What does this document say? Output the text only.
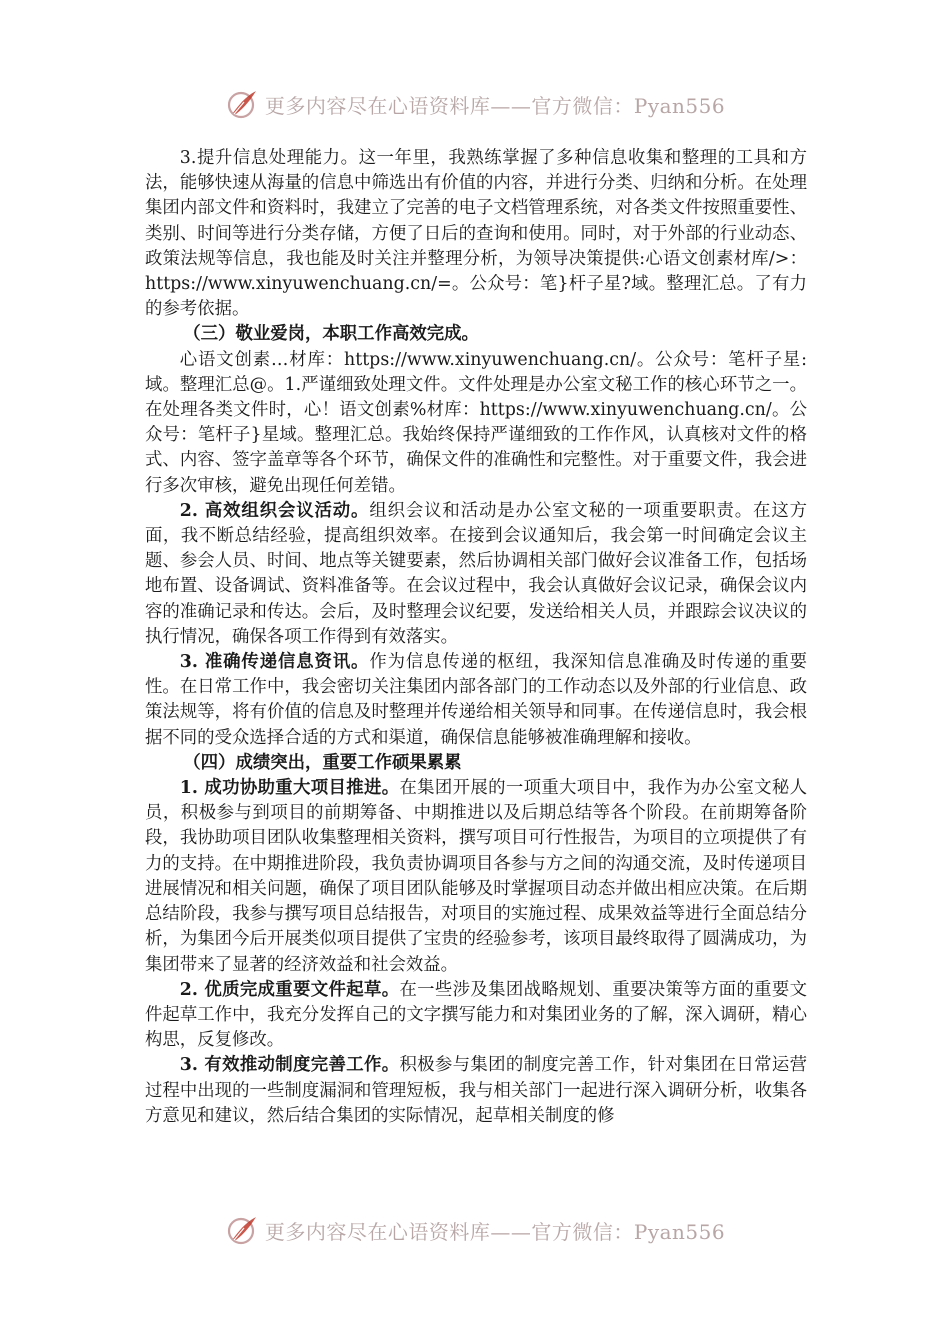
更多内容尽在心语资料库——官方微信：Pyan556

3.提升信息处理能力。这一年里，我熟练掌握了多种信息收集和整理的工具和方法，能够快速从海量的信息中筛选出有价值的内容，并进行分类、归纳和分析。在处理集团内部文件和资料时，我建立了完善的电子文档管理系统，对各类文件按照重要性、类别、时间等进行分类存储，方便了日后的查询和使用。同时，对于外部的行业动态、政策法规等信息，我也能及时关注并整理分析，为领导决策提供:心语文创素材库/>：https://www.xinyuwenchuang.cn/=。公众号：笔}杆子星?域。整理汇总。了有力的参考依据。

（三）敬业爱岗，本职工作高效完成。

心语文创素…材库：https://www.xinyuwenchuang.cn/。公众号：笔杆子星:域。整理汇总@。1.严谨细致处理文件。文件处理是办公室文秘工作的核心环节之一。在处理各类文件时，心！语文创素%材库：https://www.xinyuwenchuang.cn/。公众号：笔杆子}星域。整理汇总。我始终保持严谨细致的工作作风，认真核对文件的格式、内容、签字盖章等各个环节，确保文件的准确性和完整性。对于重要文件，我会进行多次审核，避免出现任何差错。

2. 高效组织会议活动。组织会议和活动是办公室文秘的一项重要职责。在这方面，我不断总结经验，提高组织效率。在接到会议通知后，我会第一时间确定会议主题、参会人员、时间、地点等关键要素，然后协调相关部门做好会议准备工作，包括场地布置、设备调试、资料准备等。在会议过程中，我会认真做好会议记录，确保会议内容的准确记录和传达。会后，及时整理会议纪要，发送给相关人员，并跟踪会议决议的执行情况，确保各项工作得到有效落实。

3. 准确传递信息资讯。作为信息传递的枢纽，我深知信息准确及时传递的重要性。在日常工作中，我会密切关注集团内部各部门的工作动态以及外部的行业信息、政策法规等，将有价值的信息及时整理并传递给相关领导和同事。在传递信息时，我会根据不同的受众选择合适的方式和渠道，确保信息能够被准确理解和接收。

（四）成绩突出，重要工作硕果累累

1. 成功协助重大项目推进。在集团开展的一项重大项目中，我作为办公室文秘人员，积极参与到项目的前期筹备、中期推进以及后期总结等各个阶段。在前期筹备阶段，我协助项目团队收集整理相关资料，撰写项目可行性报告，为项目的立项提供了有力的支持。在中期推进阶段，我负责协调项目各参与方之间的沟通交流，及时传递项目进展情况和相关问题，确保了项目团队能够及时掌握项目动态并做出相应决策。在后期总结阶段，我参与撰写项目总结报告，对项目的实施过程、成果效益等进行全面总结分析，为集团今后开展类似项目提供了宝贵的经验参考，该项目最终取得了圆满成功，为集团带来了显著的经济效益和社会效益。

2. 优质完成重要文件起草。在一些涉及集团战略规划、重要决策等方面的重要文件起草工作中，我充分发挥自己的文字撰写能力和对集团业务的了解，深入调研，精心构思，反复修改。

3. 有效推动制度完善工作。积极参与集团的制度完善工作，针对集团在日常运营过程中出现的一些制度漏洞和管理短板，我与相关部门一起进行深入调研分析，收集各方意见和建议，然后结合集团的实际情况，起草相关制度的修

更多内容尽在心语资料库——官方微信：Pyan556
